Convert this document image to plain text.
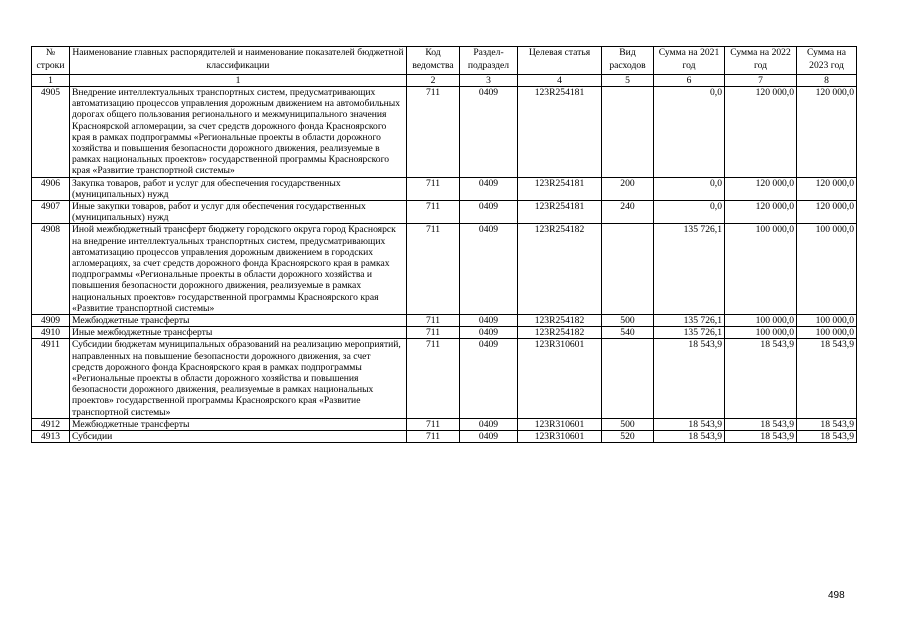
№ строки	Наименование главных распорядителей и наименование показателей бюджетной классификации	Код ведомства	Раздел-подраздел	Целевая статья	Вид расходов	Сумма на 2021 год	Сумма на 2022 год	Сумма на 2023 год
1	1	2	3	4	5	6	7	8
4905	Внедрение интеллектуальных транспортных систем, предусматривающих автоматизацию процессов управления дорожным движением на автомобильных дорогах общего пользования регионального и межмуниципального значения Красноярской агломерации, за счет средств дорожного фонда Красноярского края в рамках подпрограммы «Региональные проекты в области дорожного хозяйства и повышения безопасности дорожного движения, реализуемые в рамках национальных проектов» государственной программы Красноярского края «Развитие транспортной системы»	711	0409	123R254181		0,0	120 000,0	120 000,0
4906	Закупка товаров, работ и услуг для обеспечения государственных (муниципальных) нужд	711	0409	123R254181	200	0,0	120 000,0	120 000,0
4907	Иные закупки товаров, работ и услуг для обеспечения государственных (муниципальных) нужд	711	0409	123R254181	240	0,0	120 000,0	120 000,0
4908	Иной межбюджетный трансферт бюджету городского округа город Красноярск на внедрение интеллектуальных транспортных систем, предусматривающих автоматизацию процессов управления дорожным движением в городских агломерациях, за счет средств дорожного фонда Красноярского края в рамках подпрограммы «Региональные проекты в области дорожного хозяйства и повышения безопасности дорожного движения, реализуемые в рамках национальных проектов» государственной программы Красноярского края «Развитие транспортной системы»	711	0409	123R254182		135 726,1	100 000,0	100 000,0
4909	Межбюджетные трансферты	711	0409	123R254182	500	135 726,1	100 000,0	100 000,0
4910	Иные межбюджетные трансферты	711	0409	123R254182	540	135 726,1	100 000,0	100 000,0
4911	Субсидии бюджетам муниципальных образований на реализацию мероприятий, направленных на повышение безопасности дорожного движения, за счет средств дорожного фонда Красноярского края в рамках подпрограммы «Региональные проекты в области дорожного хозяйства и повышения безопасности дорожного движения, реализуемые в рамках национальных проектов» государственной программы Красноярского края «Развитие транспортной системы»	711	0409	123R310601		18 543,9	18 543,9	18 543,9
4912	Межбюджетные трансферты	711	0409	123R310601	500	18 543,9	18 543,9	18 543,9
4913	Субсидии	711	0409	123R310601	520	18 543,9	18 543,9	18 543,9
498
